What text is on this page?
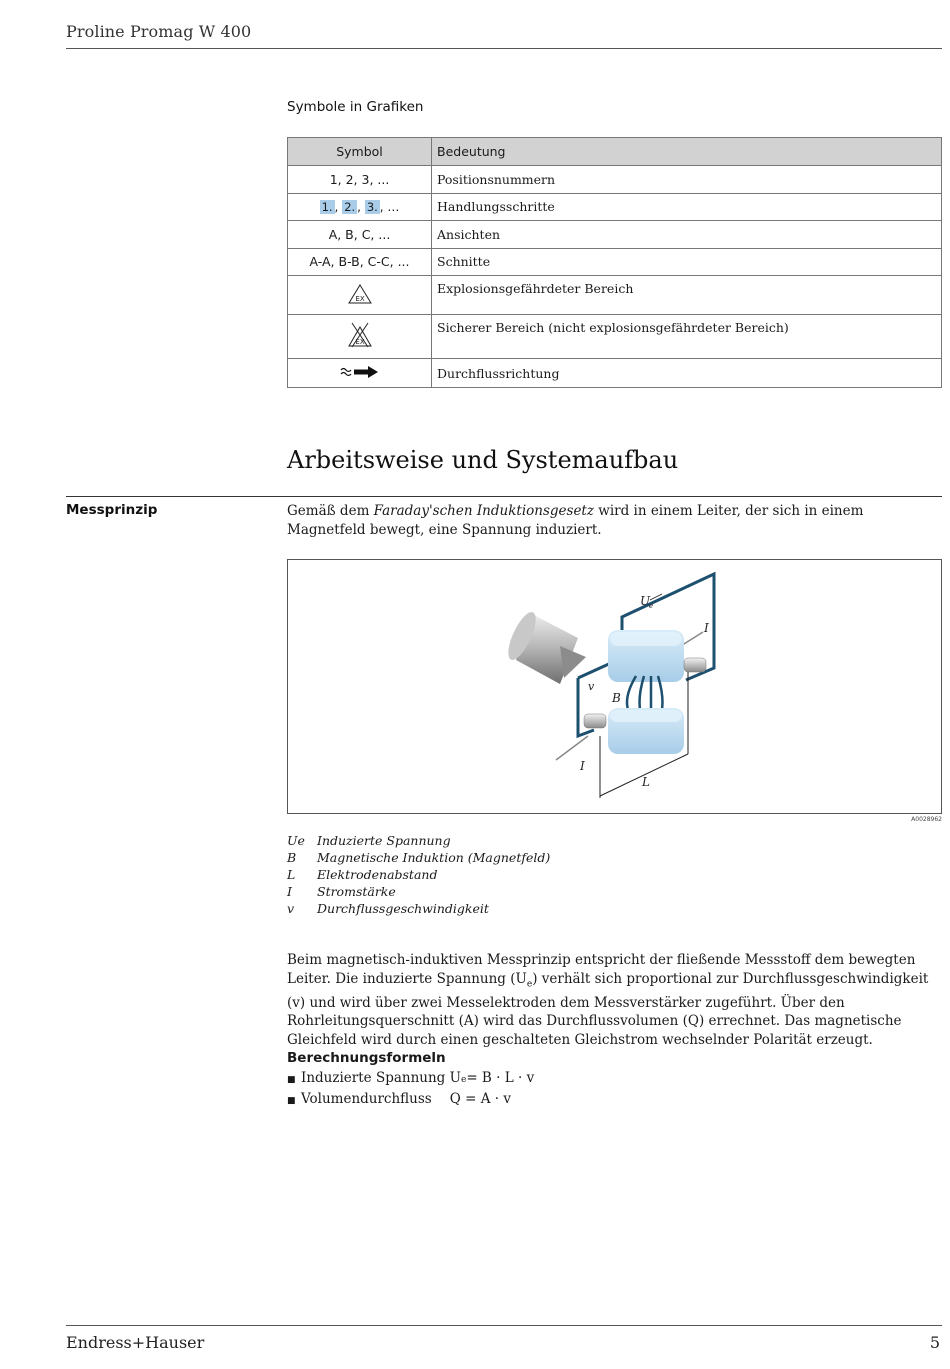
Proline Promag W 400
Symbole in Grafiken
Symbol	Bedeutung
1, 2, 3, ...	Positionsnummern
1. , 2. , 3. , …	Handlungsschritte
A, B, C, ...	Ansichten
A-A, B-B, C-C, ...	Schnitte

EX	Explosionsgefährdeter Bereich

EX	Sicherer Bereich (nicht explosionsgefährdeter Bereich)
	Durchflussrichtung
Arbeitsweise und Systemaufbau
Messprinzip	Gemäß dem Faraday'schen Induktionsgesetz wird in einem Leiter, der sich in einem Magnetfeld bewegt, eine Spannung induziert.
U
e
I
v
B
I
L
A0028962
Ue Induzierte Spannung
B	Magnetische Induktion (Magnetfeld)
L	Elektrodenabstand
I	Stromstärke
v	Durchflussgeschwindigkeit
Beim magnetisch-induktiven Messprinzip entspricht der fließende Messstoff dem bewegten Leiter. Die induzierte Spannung $(U_e)$ verhält sich proportional zur Durchflussgeschwindigkeit (v) und wird über zwei Messelektroden dem Messverstärker zugeführt. Über den Rohrleitungsquerschnitt (A) wird das Durchflussvolumen (Q) errechnet. Das magnetische Gleichfeld wird durch einen geschalteten Gleichstrom wechselnder Polarität erzeugt.
Berechnungsformeln
■ Induzierte Spannung
U e = B · L · v
■ Volumendurchfluss Q = A · v
Endress+Hauser	5
